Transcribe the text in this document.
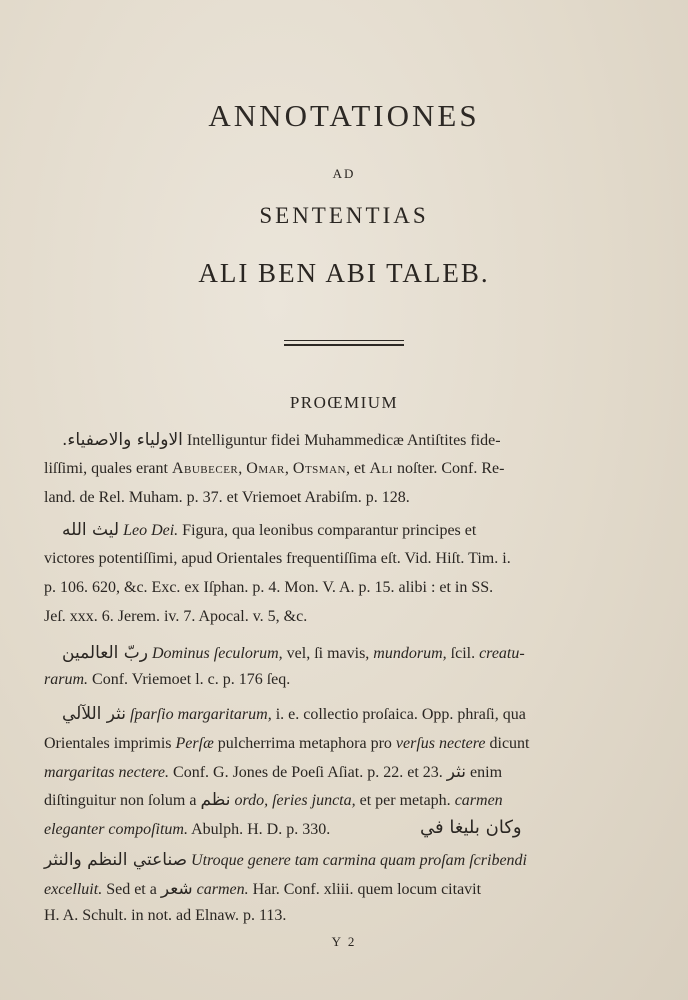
ANNOTATIONES
AD
SENTENTIAS
ALI BEN ABI TALEB.
PROŒMIUM
الاولياء والاصفياء. Intelliguntur fidei Muhammedicæ Antiſtites fide-
liſſimi, quales erant Abubecer, Omar, Otsman, et Ali noſter. Conf. Re-
land. de Rel. Muham. p. 37. et Vriemoet Arabiſm. p. 128.
ليث الله Leo Dei. Figura, qua leonibus comparantur principes et
victores potentiſſimi, apud Orientales frequentiſſima eſt. Vid. Hiſt. Tim. i.
p. 106. 620, &c. Exc. ex Iſphan. p. 4. Mon. V. A. p. 15. alibi : et in SS.
Jeſ. xxx. 6. Jerem. iv. 7. Apocal. v. 5, &c.
ربّ العالمين Dominus ſeculorum, vel, ſi mavis, mundorum, ſcil. creatu-
rarum. Conf. Vriemoet l. c. p. 176 ſeq.
نثر اللآلي ſparſio margaritarum, i. e. collectio proſaica. Opp. phraſi, qua
Orientales imprimis Perſæ pulcherrima metaphora pro verſus nectere dicunt
margaritas nectere. Conf. G. Jones de Poeſi Aſiat. p. 22. et 23. نثر enim
diſtinguitur non ſolum a نظم ordo, ſeries juncta, et per metaph. carmen
eleganter compoſitum. Abulph. H. D. p. 330.	وكان بليغا في
صناعتي النظم والنثر Utroque genere tam carmina quam proſam ſcribendi
excelluit. Sed et a شعر carmen. Har. Conf. xliii. quem locum citavit
H. A. Schult. in not. ad Elnaw. p. 113.
Y 2
